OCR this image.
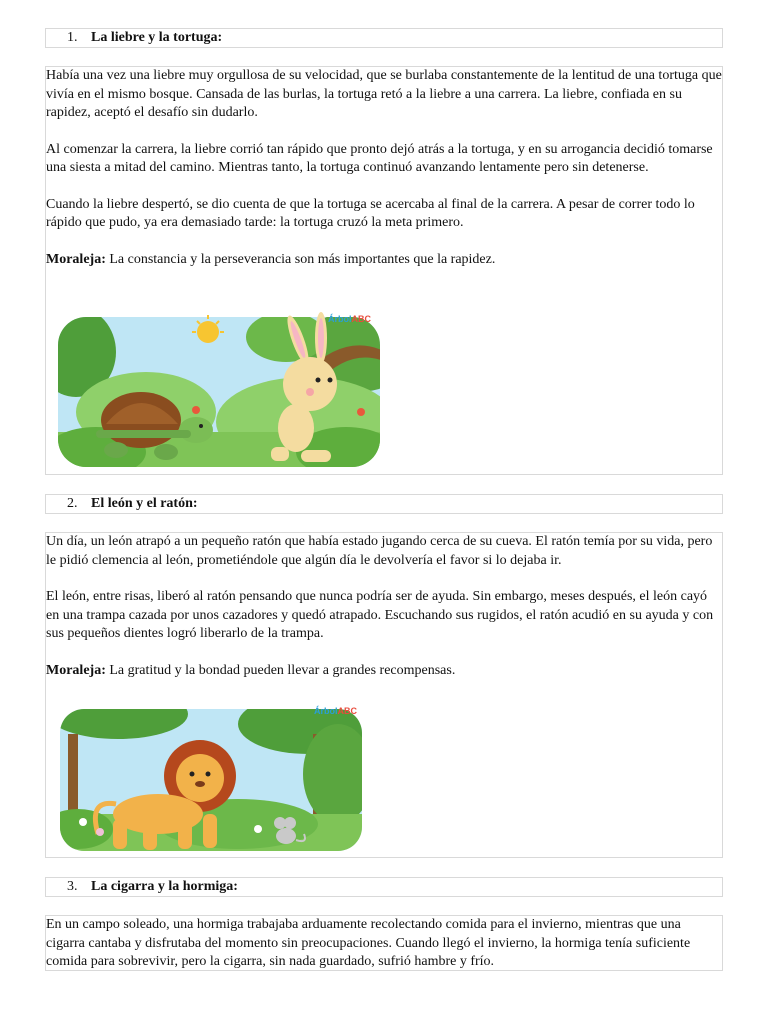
1. La liebre y la tortuga:

Había una vez una liebre muy orgullosa de su velocidad, que se burlaba constantemente de la lentitud de una tortuga que vivía en el mismo bosque. Cansada de las burlas, la tortuga retó a la liebre a una carrera. La liebre, confiada en su rapidez, aceptó el desafío sin dudarlo.

Al comenzar la carrera, la liebre corrió tan rápido que pronto dejó atrás a la tortuga, y en su arrogancia decidió tomarse una siesta a mitad del camino. Mientras tanto, la tortuga continuó avanzando lentamente pero sin detenerse.

Cuando la liebre despertó, se dio cuenta de que la tortuga se acercaba al final de la carrera. A pesar de correr todo lo rápido que pudo, ya era demasiado tarde: la tortuga cruzó la meta primero.

Moraleja: La constancia y la perseverancia son más importantes que la rapidez.

ÁrbolABC
2. El león y el ratón:

Un día, un león atrapó a un pequeño ratón que había estado jugando cerca de su cueva. El ratón temía por su vida, pero le pidió clemencia al león, prometiéndole que algún día le devolvería el favor si lo dejaba ir.

El león, entre risas, liberó al ratón pensando que nunca podría ser de ayuda. Sin embargo, meses después, el león cayó en una trampa cazada por unos cazadores y quedó atrapado. Escuchando sus rugidos, el ratón acudió en su ayuda y con sus pequeños dientes logró liberarlo de la trampa.

Moraleja: La gratitud y la bondad pueden llevar a grandes recompensas.

ÁrbolABC
3. La cigarra y la hormiga:

En un campo soleado, una hormiga trabajaba arduamente recolectando comida para el invierno, mientras que una cigarra cantaba y disfrutaba del momento sin preocupaciones. Cuando llegó el invierno, la hormiga tenía suficiente comida para sobrevivir, pero la cigarra, sin nada guardado, sufrió hambre y frío.
